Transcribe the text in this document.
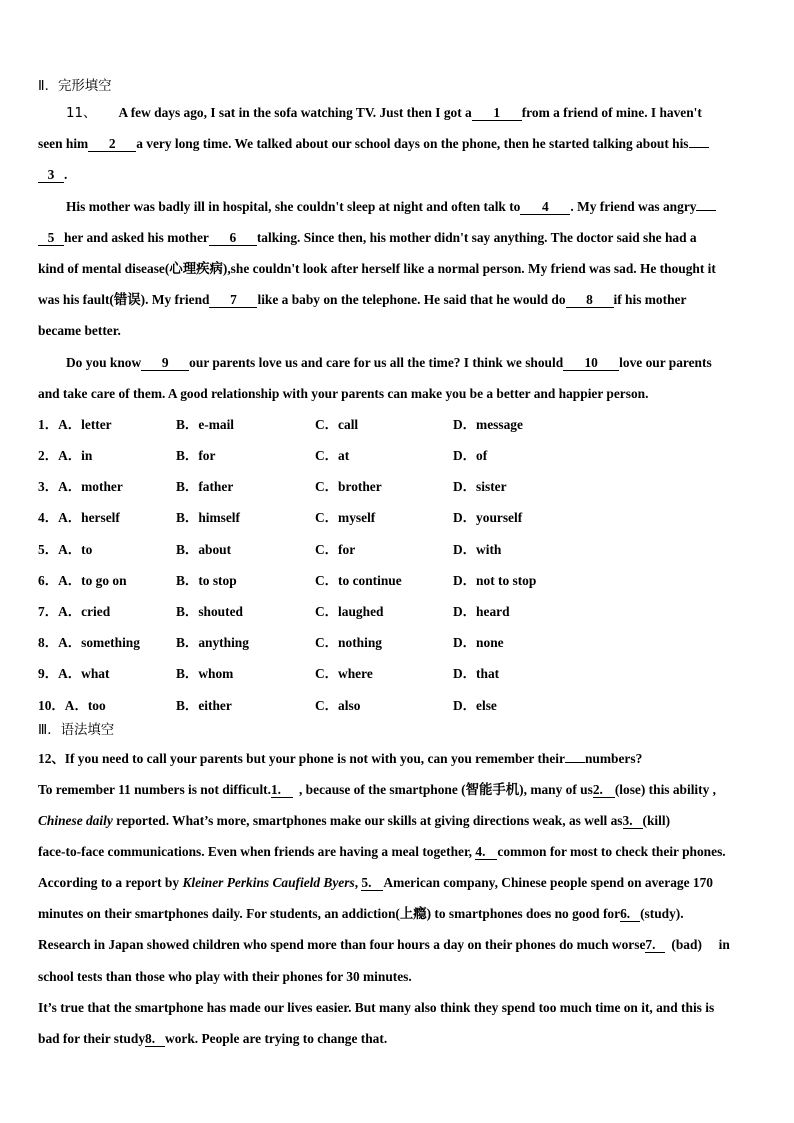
Ⅱ．完形填空
11、 A few days ago, I sat in the sofa watching TV. Just then I got a 1 from a friend of mine. I haven't
seen him 2 a very long time. We talked about our school days on the phone, then he started talking about his
3 .
His mother was badly ill in hospital, she couldn't sleep at night and often talk to 4 . My friend was angry
5 her and asked his mother 6 talking. Since then, his mother didn't say anything. The doctor said she had a
kind of mental disease(心理疾病),she couldn't look after herself like a normal person. My friend was sad. He thought it
was his fault(错误). My friend 7 like a baby on the telephone. He said that he would do 8 if his mother
became better.
Do you know 9 our parents love us and care for us all the time? I think we should 10 love our parents
and take care of them. A good relationship with your parents can make you be a better and happier person.
1．A．letter	B．e-mail	C．call	D．message
2．A．in	B．for	C．at	D．of
3．A．mother	B．father	C．brother	D．sister
4．A．herself	B．himself	C．myself	D．yourself
5．A．to	B．about	C．for	D．with
6．A．to go on	B．to stop	C．to continue	D．not to stop
7．A．cried	B．shouted	C．laughed	D．heard
8．A．something	B．anything	C．nothing	D．none
9．A．what	B．whom	C．where	D．that
10．A．too	B．either	C．also	D．else
Ⅲ．语法填空
12、If you need to call your parents but your phone is not with you, can you remember their numbers?
To remember 11 numbers is not difficult.1. , because of the smartphone (智能手机), many of us2. (lose) this ability ,
Chinese daily reported. What’s more, smartphones make our skills at giving directions weak, as well as3. (kill)
face-to-face communications. Even when friends are having a meal together, 4. common for most to check their phones.
According to a report by Kleiner Perkins Caufield Byers, 5. American company, Chinese people spend on average 170
minutes on their smartphones daily. For students, an addiction(上瘾) to smartphones does no good for6. (study).
Research in Japan showed children who spend more than four hours a day on their phones do much worse7. (bad)     in
school tests than those who play with their phones for 30 minutes.
It’s true that the smartphone has made our lives easier. But many also think they spend too much time on it, and this is
bad for their study8. work. People are trying to change that.
